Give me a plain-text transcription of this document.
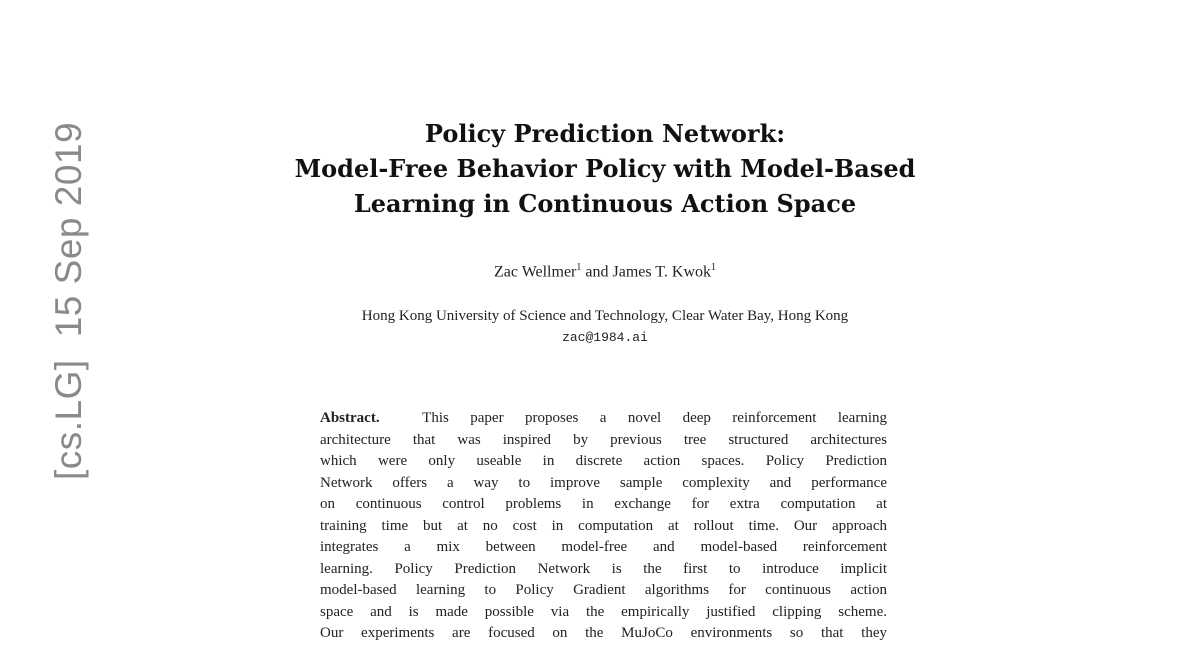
[cs.LG]15 Sep 2019	Policy Prediction Network:
Model-Free Behavior Policy with Model-Based
Learning in Continuous Action Space
Zac Wellmer$^1$ and James T. Kwok$^1$
Hong Kong University of Science and Technology, Clear Water Bay, Hong Kong
zac@1984.ai
Abstract.	This paper proposes a novel deep reinforcement learning
architecture that was inspired by previous tree structured architectures
which were only useable in discrete action spaces. Policy Prediction
Network offers a way to improve sample complexity and performance
on continuous control problems in exchange for extra computation at
training time but at no cost in computation at rollout time. Our approach
integrates a mix between model-free and model-based reinforcement
learning. Policy Prediction Network is the first to introduce implicit
model-based learning to Policy Gradient algorithms for continuous action
space and is made possible via the empirically justified clipping scheme.
Our experiments are focused on the MuJoCo environments so that they
